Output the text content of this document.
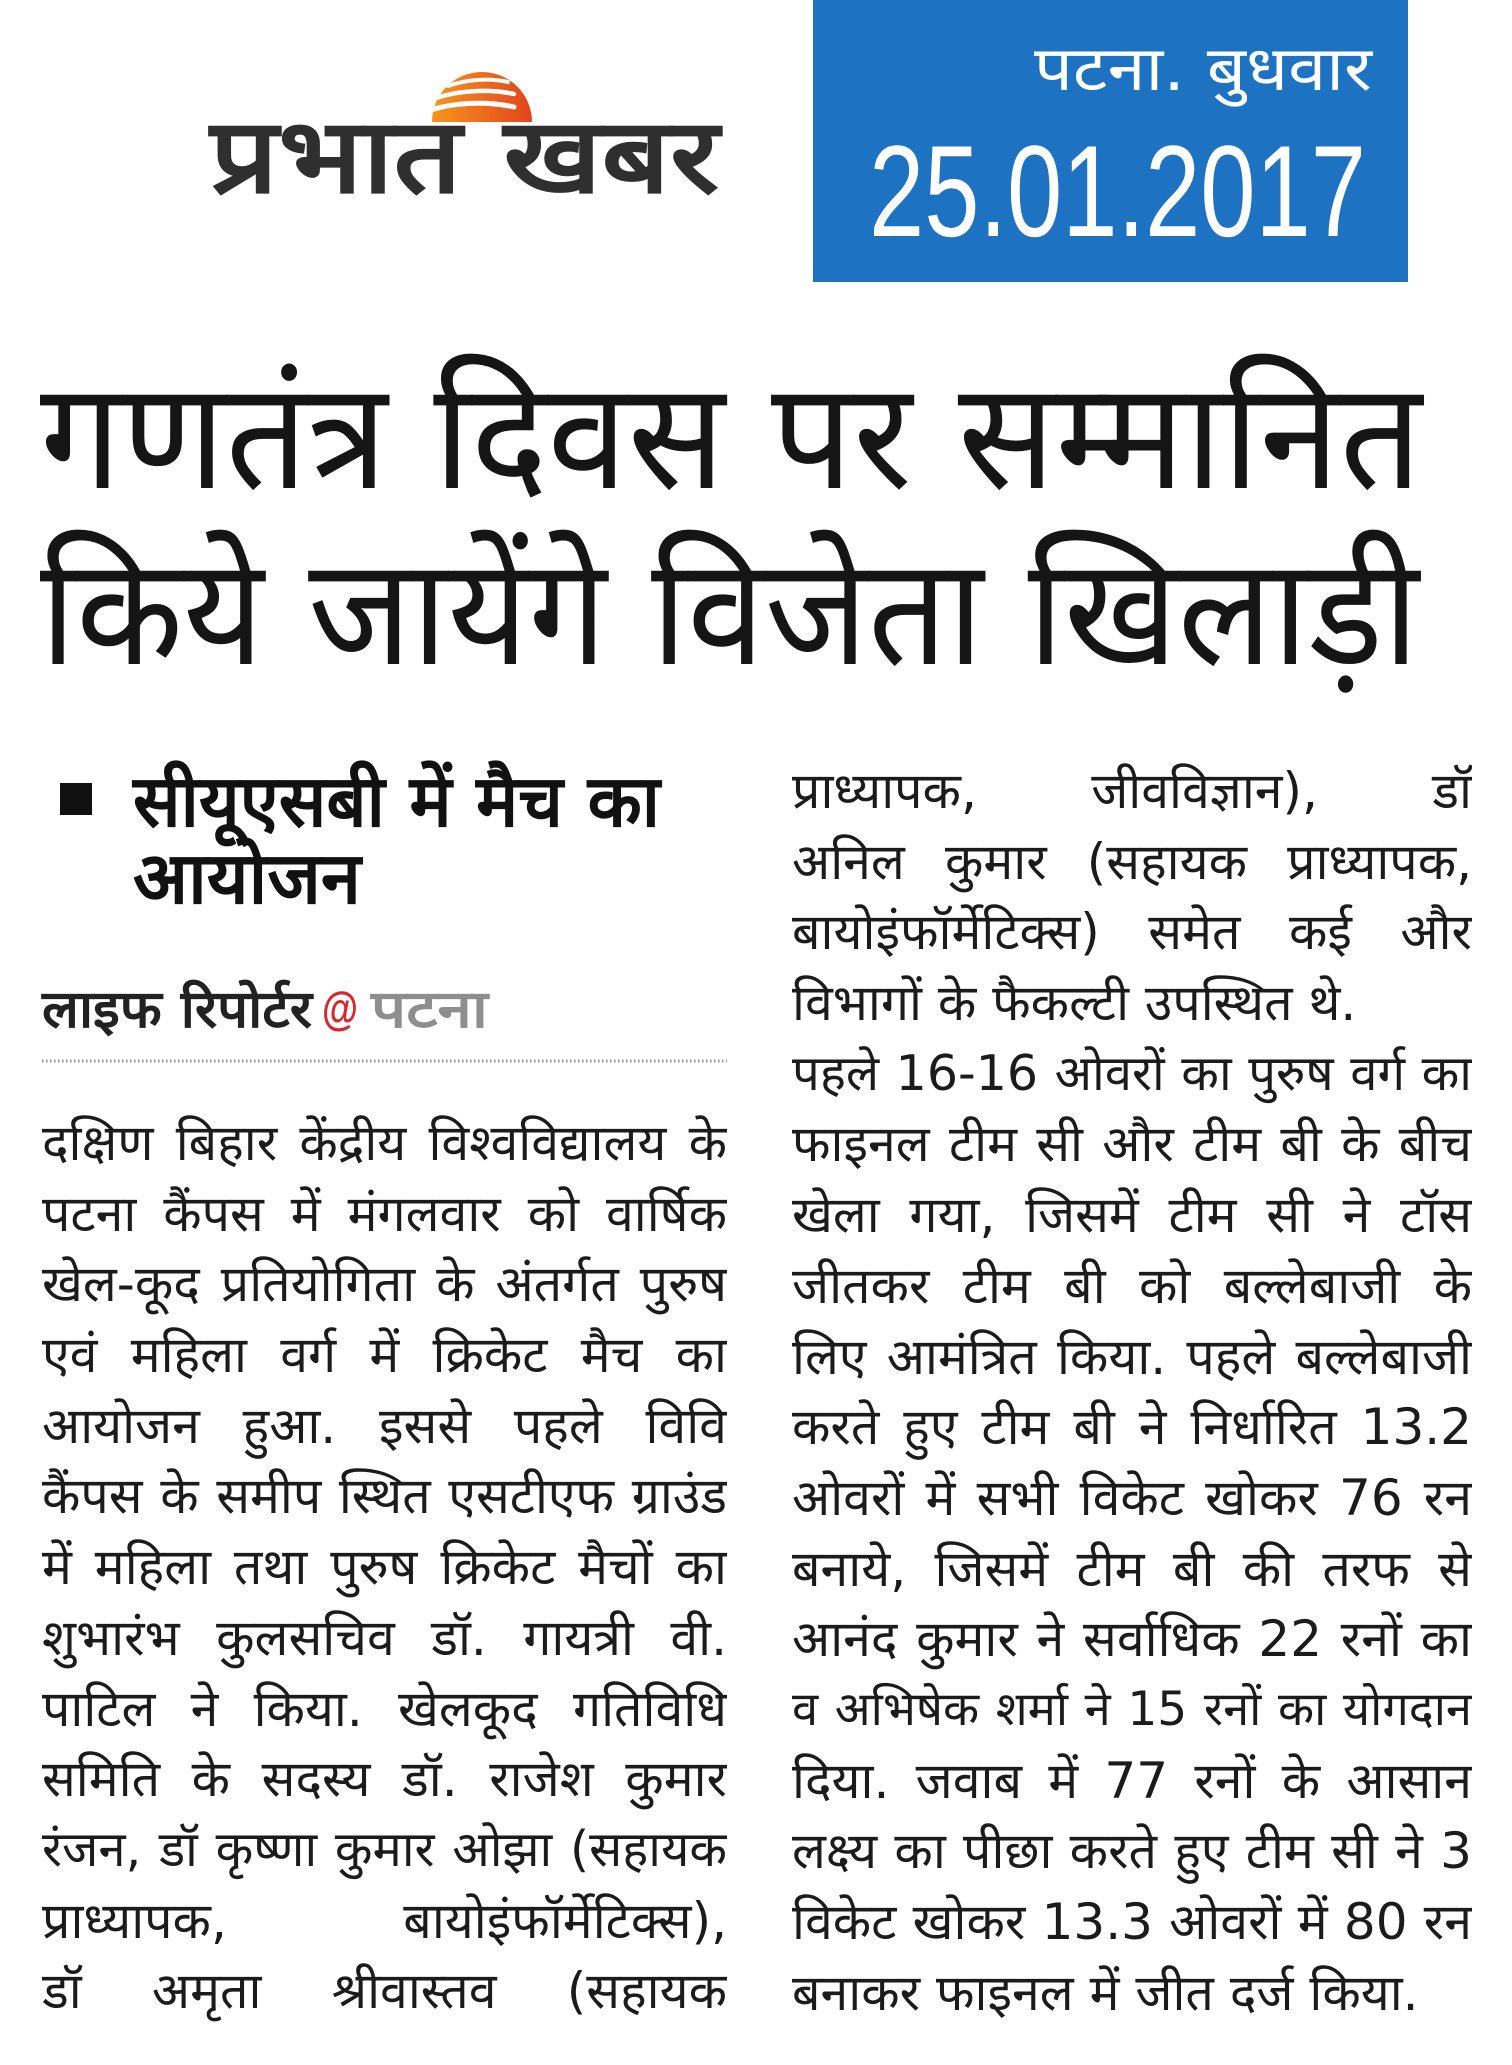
प्रभात खबर
पटना. बुधवार
25.01.2017
गणतंत्र दिवस पर सम्मानित
किये जायेंगे विजेता खिलाड़ी
सीयूएसबी में मैच का
आयोजन
लाइफ रिपोर्टर @ पटना
दक्षिण बिहार केंद्रीय विश्वविद्यालय के
पटना कैंपस में मंगलवार को वार्षिक
खेल-कूद प्रतियोगिता के अंतर्गत पुरुष
एवं महिला वर्ग में क्रिकेट मैच का
आयोजन हुआ. इससे पहले विवि
कैंपस के समीप स्थित एसटीएफ ग्राउंड
में महिला तथा पुरुष क्रिकेट मैचों का
शुभारंभ कुलसचिव डॉ. गायत्री वी.
पाटिल ने किया. खेलकूद गतिविधि
समिति के सदस्य डॉ. राजेश कुमार
रंजन, डॉ कृष्णा कुमार ओझा (सहायक
प्राध्यापक, बायोइंफॉर्मेटिक्स),
डॉ अमृता श्रीवास्तव (सहायक
प्राध्यापक, जीवविज्ञान), डॉ
अनिल कुमार (सहायक प्राध्यापक,
बायोइंफॉर्मेटिक्स) समेत कई और
विभागों के फैकल्टी उपस्थित थे.
पहले 16-16 ओवरों का पुरुष वर्ग का
फाइनल टीम सी और टीम बी के बीच
खेला गया, जिसमें टीम सी ने टॉस
जीतकर टीम बी को बल्लेबाजी के
लिए आमंत्रित किया. पहले बल्लेबाजी
करते हुए टीम बी ने निर्धारित 13.2
ओवरों में सभी विकेट खोकर 76 रन
बनाये, जिसमें टीम बी की तरफ से
आनंद कुमार ने सर्वाधिक 22 रनों का
व अभिषेक शर्मा ने 15 रनों का योगदान
दिया. जवाब में 77 रनों के आसान
लक्ष्य का पीछा करते हुए टीम सी ने 3
विकेट खोकर 13.3 ओवरों में 80 रन
बनाकर फाइनल में जीत दर्ज किया.
